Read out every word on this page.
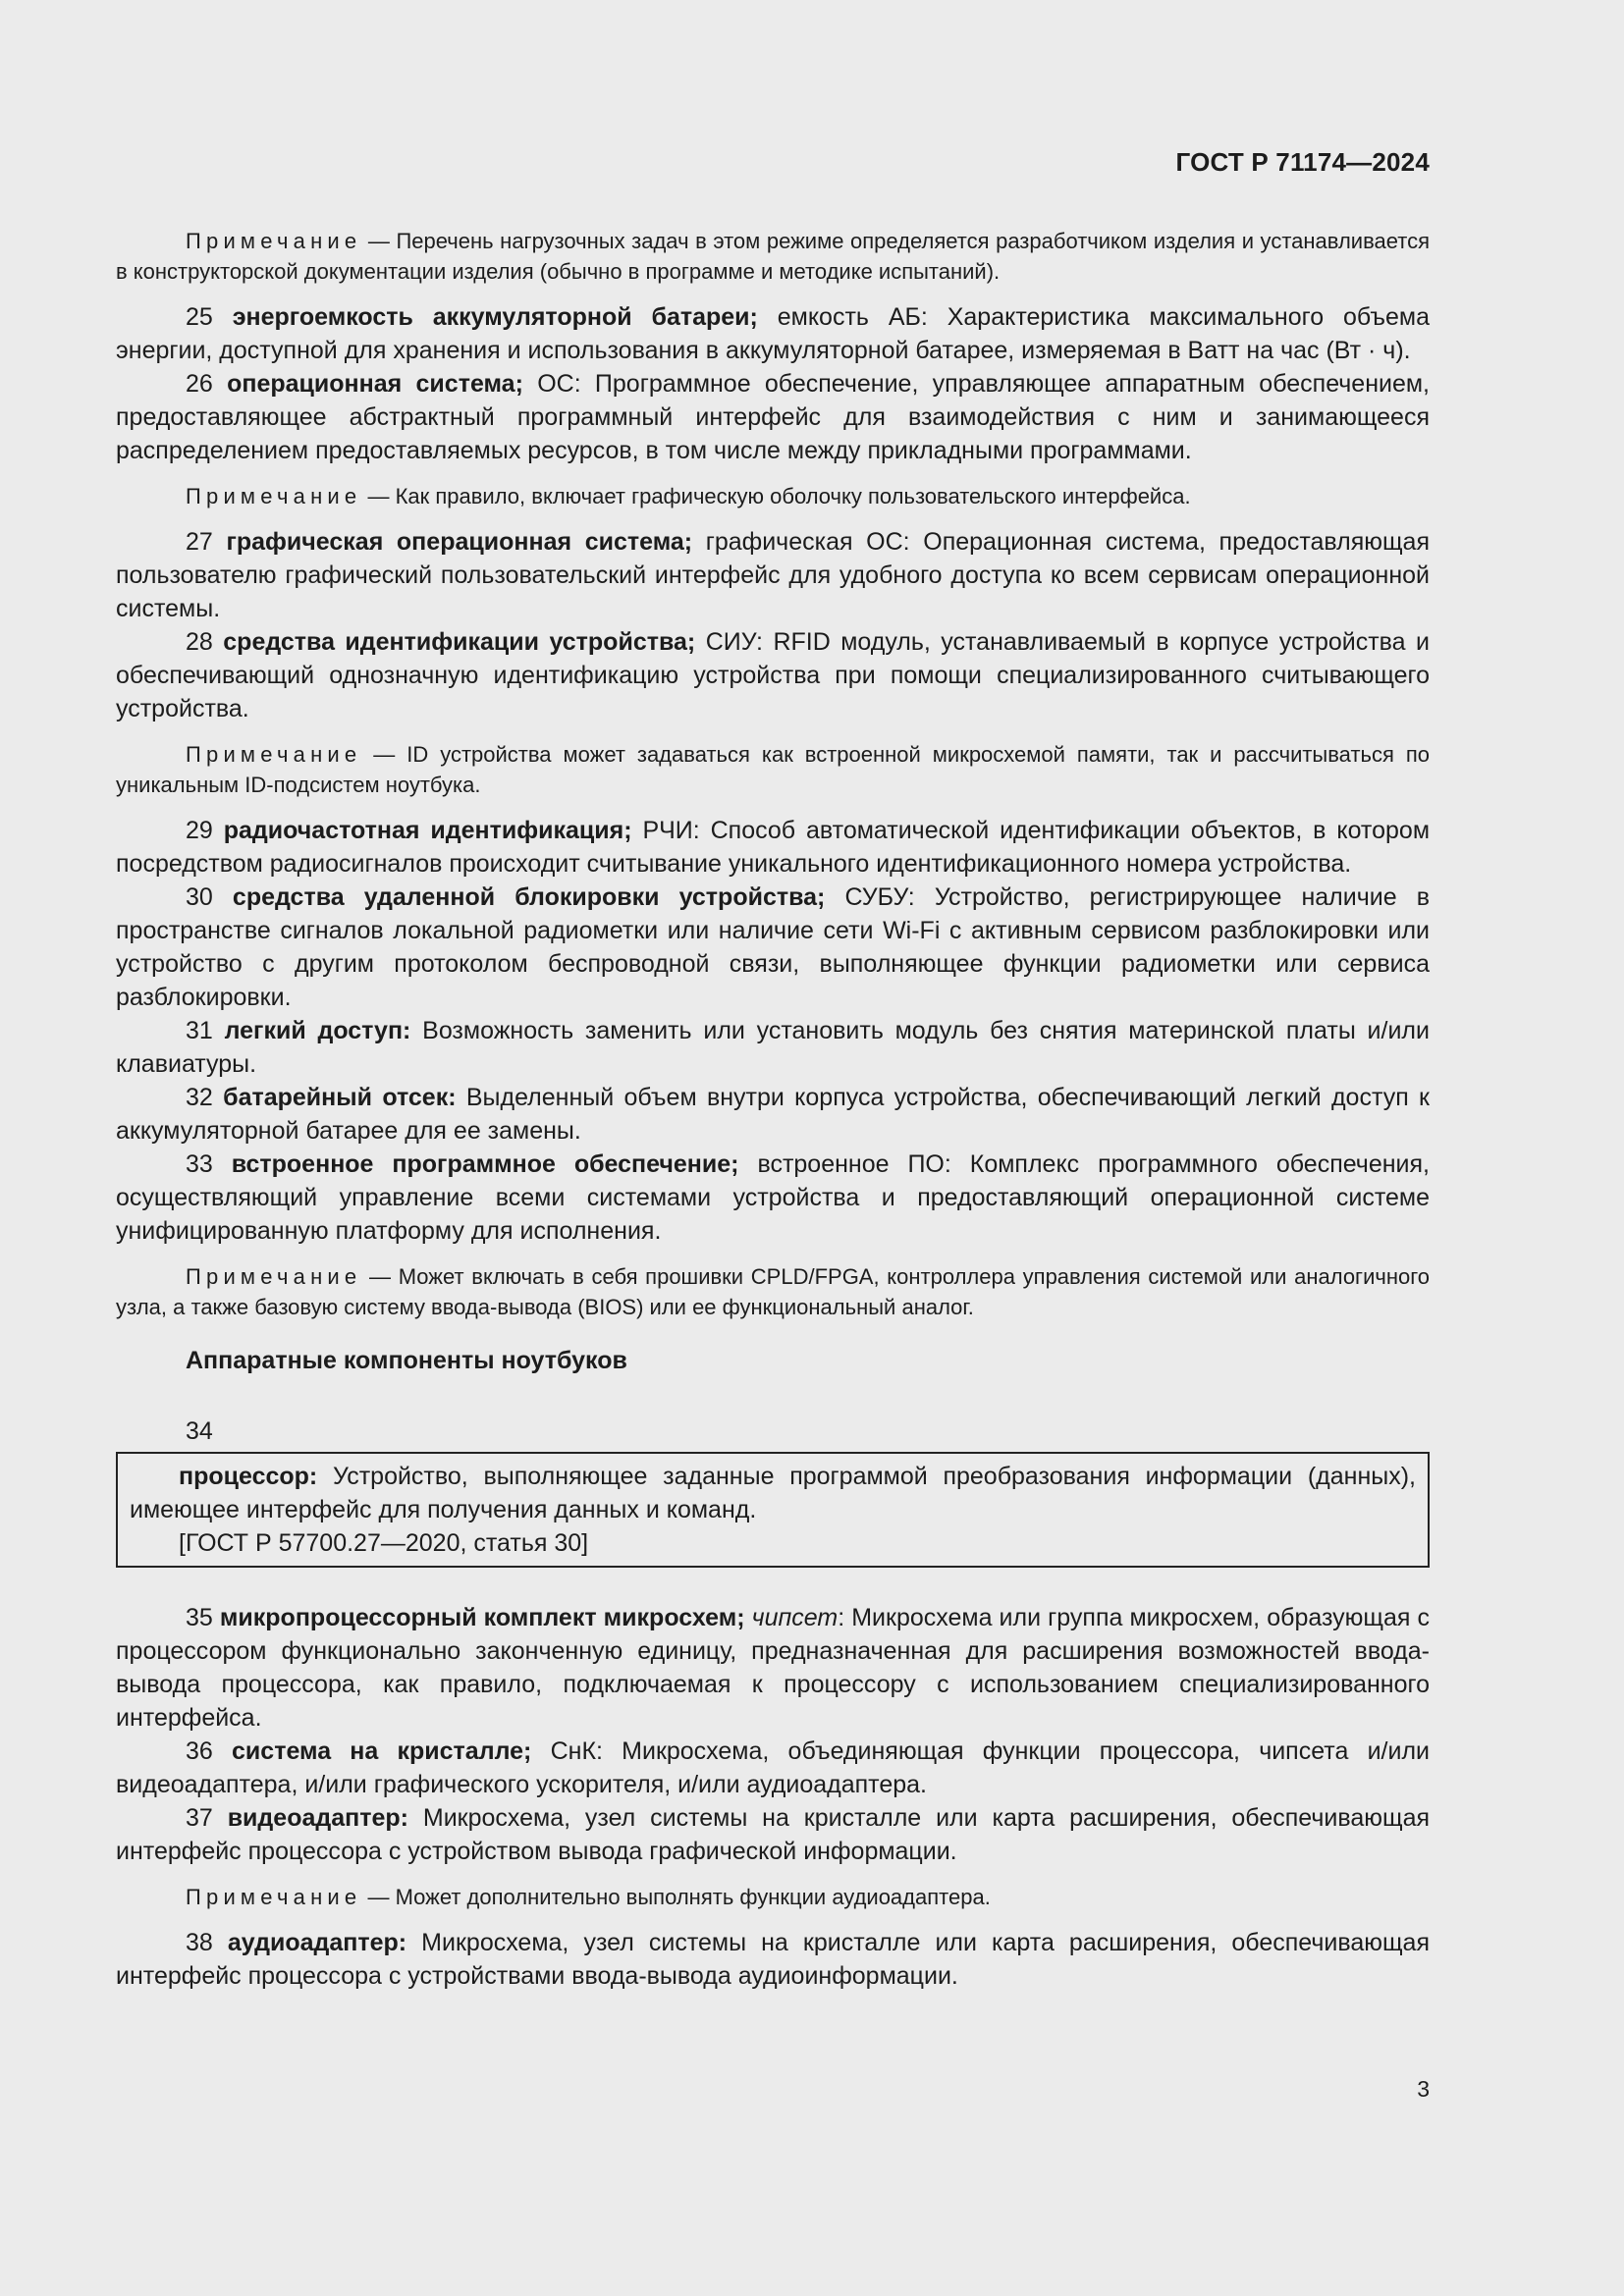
ГОСТ Р 71174—2024

Примечание — Перечень нагрузочных задач в этом режиме определяется разработчиком изделия и устанавливается в конструкторской документации изделия (обычно в программе и методике испытаний).

25 энергоемкость аккумуляторной батареи; емкость АБ: Характеристика максимального объема энергии, доступной для хранения и использования в аккумуляторной батарее, измеряемая в Ватт на час (Вт · ч).

26 операционная система; ОС: Программное обеспечение, управляющее аппаратным обеспечением, предоставляющее абстрактный программный интерфейс для взаимодействия с ним и занимающееся распределением предоставляемых ресурсов, в том числе между прикладными программами.

Примечание — Как правило, включает графическую оболочку пользовательского интерфейса.

27 графическая операционная система; графическая ОС: Операционная система, предоставляющая пользователю графический пользовательский интерфейс для удобного доступа ко всем сервисам операционной системы.

28 средства идентификации устройства; СИУ: RFID модуль, устанавливаемый в корпусе устройства и обеспечивающий однозначную идентификацию устройства при помощи специализированного считывающего устройства.

Примечание — ID устройства может задаваться как встроенной микросхемой памяти, так и рассчитываться по уникальным ID-подсистем ноутбука.

29 радиочастотная идентификация; РЧИ: Способ автоматической идентификации объектов, в котором посредством радиосигналов происходит считывание уникального идентификационного номера устройства.

30 средства удаленной блокировки устройства; СУБУ: Устройство, регистрирующее наличие в пространстве сигналов локальной радиометки или наличие сети Wi-Fi с активным сервисом разблокировки или устройство с другим протоколом беспроводной связи, выполняющее функции радиометки или сервиса разблокировки.

31 легкий доступ: Возможность заменить или установить модуль без снятия материнской платы и/или клавиатуры.

32 батарейный отсек: Выделенный объем внутри корпуса устройства, обеспечивающий легкий доступ к аккумуляторной батарее для ее замены.

33 встроенное программное обеспечение; встроенное ПО: Комплекс программного обеспечения, осуществляющий управление всеми системами устройства и предоставляющий операционной системе унифицированную платформу для исполнения.

Примечание — Может включать в себя прошивки CPLD/FPGA, контроллера управления системой или аналогичного узла, а также базовую систему ввода-вывода (BIOS) или ее функциональный аналог.

Аппаратные компоненты ноутбуков
34

процессор: Устройство, выполняющее заданные программой преобразования информации (данных), имеющее интерфейс для получения данных и команд.

[ГОСТ Р 57700.27—2020, статья 30]

35 микропроцессорный комплект микросхем; чипсет: Микросхема или группа микросхем, образующая с процессором функционально законченную единицу, предназначенная для расширения возможностей ввода-вывода процессора, как правило, подключаемая к процессору с использованием специализированного интерфейса.

36 система на кристалле; СнК: Микросхема, объединяющая функции процессора, чипсета и/или видеоадаптера, и/или графического ускорителя, и/или аудиоадаптера.

37 видеоадаптер: Микросхема, узел системы на кристалле или карта расширения, обеспечивающая интерфейс процессора с устройством вывода графической информации.

Примечание — Может дополнительно выполнять функции аудиоадаптера.

38 аудиоадаптер: Микросхема, узел системы на кристалле или карта расширения, обеспечивающая интерфейс процессора с устройствами ввода-вывода аудиоинформации.

3
